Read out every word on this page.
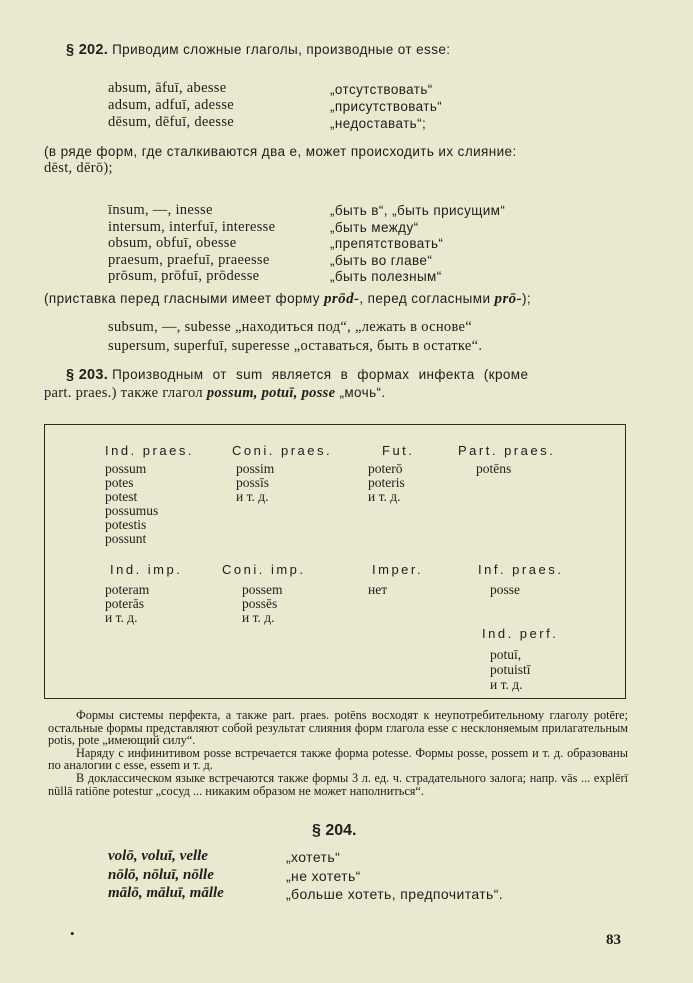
§ 202. Приводим сложные глаголы, производные от esse:
absum, āfuī, abesse
adsum, adfuī, adesse
dēsum, dēfuī, deesse
„отсутствовать“
„присутствовать“
„недоставать“;
(в ряде форм, где сталкиваются два e, может происходить их слияние:
dēst, dērō);
īnsum, —, inesse
intersum, interfuī, interesse
obsum, obfuī, obesse
praesum, praefuī, praeesse
prōsum, prōfuī, prōdesse
„быть в“, „быть присущим“
„быть между“
„препятствовать“
„быть во главе“
„быть полезным“
(приставка перед гласными имеет форму prōd-, перед согласными prō-);
subsum, —, subesse „находиться под“, „лежать в основе“
supersum, superfuī, superesse „оставаться, быть в остатке“.
§ 203. Производным от sum является в формах инфекта (кроме
part. praes.) также глагол possum, potuī, posse „мочь“.
Ind. praes.
possum
potes
potest
possumus
potestis
possunt
Coni. praes.
possim
possīs
и т. д.
Fut.
poterō
poteris
и т. д.
Part. praes.
potēns
Ind. imp.
poteram
poterās
и т. д.
Coni. imp.
possem
possēs
и т. д.
Imper.
нет
Inf. praes.
posse
Ind. perf.
potuī,
potuistī
и т. д.

Формы системы перфекта, а также part. praes. potēns восходят к неупотребительному глаголу potēre; остальные формы представляют собой результат слияния форм глагола esse с несклоняемым прилагательным potis, pote „имеющий силу“.

Наряду с инфинитивом posse встречается также форма potesse. Формы posse, possem и т. д. образованы по аналогии с esse, essem и т. д.

В доклассическом языке встречаются также формы 3 л. ед. ч. страдательного залога; напр. vās ... explērī nūllā ratiōne potestur „сосуд ... никаким образом не может наполниться“.

§ 204.
volō, voluī, velle
nōlō, nōluī, nōlle
mālō, māluī, mālle
„хотеть“
„не хотеть“
„больше хотеть, предпочитать“.
•	83
